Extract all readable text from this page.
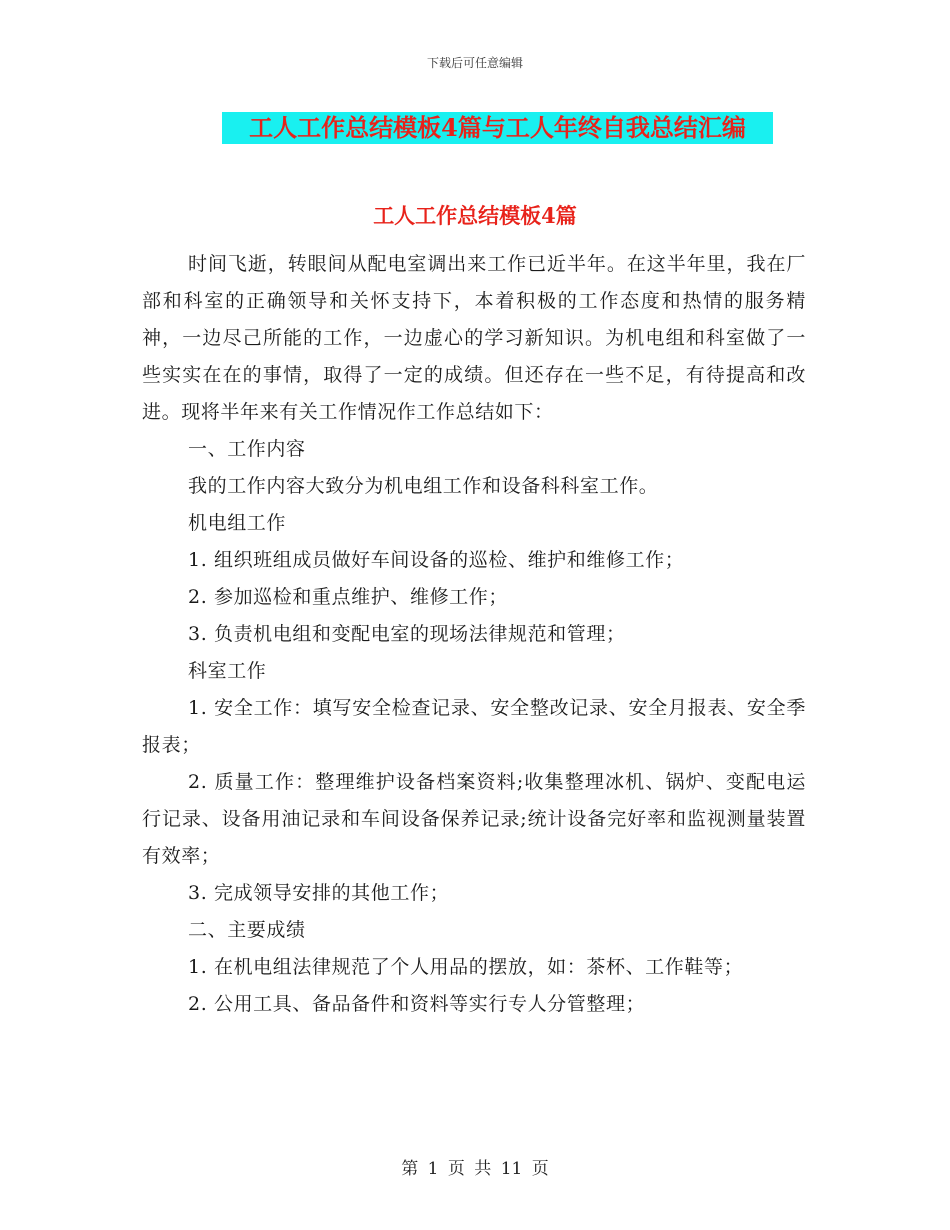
下载后可任意编辑
工人工作总结模板4篇与工人年终自我总结汇编
工人工作总结模板4篇

时间飞逝，转眼间从配电室调出来工作已近半年。在这半年里，我在厂部和科室的正确领导和关怀支持下，本着积极的工作态度和热情的服务精神，一边尽己所能的工作，一边虚心的学习新知识。为机电组和科室做了一些实实在在的事情，取得了一定的成绩。但还存在一些不足，有待提高和改进。现将半年来有关工作情况作工作总结如下：

一、工作内容

我的工作内容大致分为机电组工作和设备科科室工作。

机电组工作

1. 组织班组成员做好车间设备的巡检、维护和维修工作；

2. 参加巡检和重点维护、维修工作；

3. 负责机电组和变配电室的现场法律规范和管理；

科室工作

1. 安全工作：填写安全检查记录、安全整改记录、安全月报表、安全季报表；

2. 质量工作：整理维护设备档案资料;收集整理冰机、锅炉、变配电运行记录、设备用油记录和车间设备保养记录;统计设备完好率和监视测量装置有效率；

3. 完成领导安排的其他工作；

二、主要成绩

1. 在机电组法律规范了个人用品的摆放，如：茶杯、工作鞋等；

2. 公用工具、备品备件和资料等实行专人分管整理；

第 1 页 共 11 页
